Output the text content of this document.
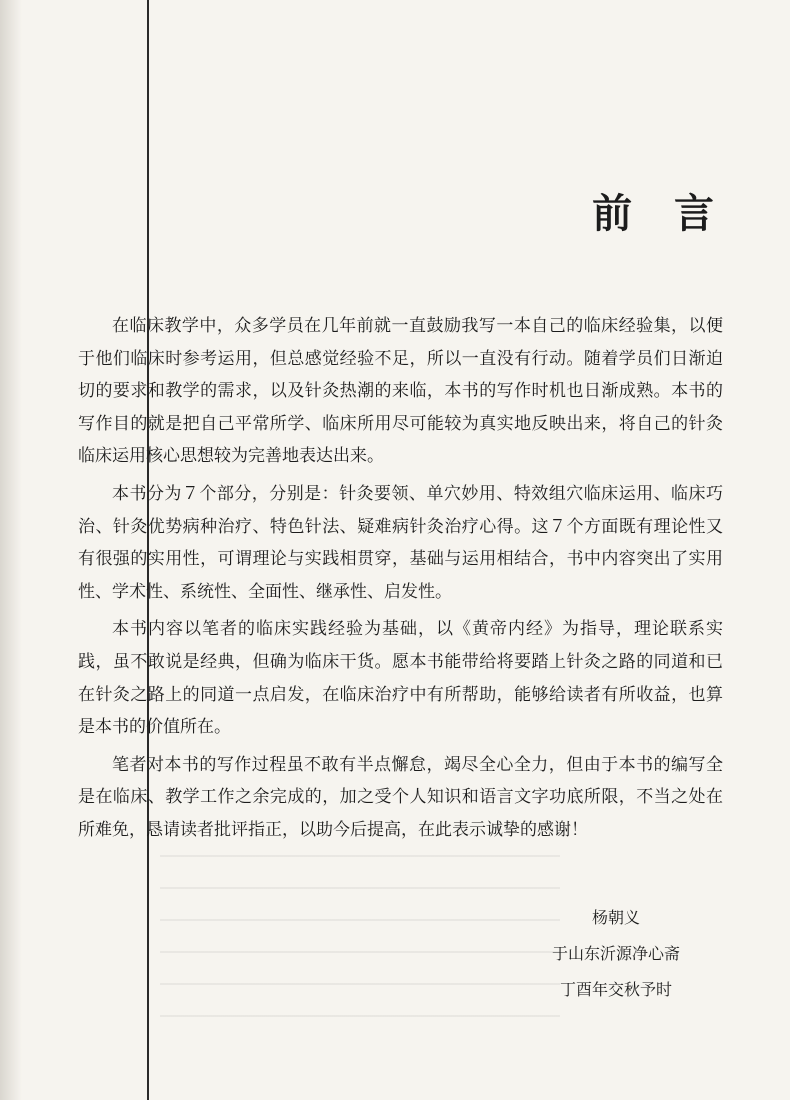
前 言

在临床教学中，众多学员在几年前就一直鼓励我写一本自己的临床经验集，以便于他们临床时参考运用，但总感觉经验不足，所以一直没有行动。随着学员们日渐迫切的要求和教学的需求，以及针灸热潮的来临，本书的写作时机也日渐成熟。本书的写作目的就是把自己平常所学、临床所用尽可能较为真实地反映出来，将自己的针灸临床运用核心思想较为完善地表达出来。

本书分为７个部分，分别是：针灸要领、单穴妙用、特效组穴临床运用、临床巧治、针灸优势病种治疗、特色针法、疑难病针灸治疗心得。这７个方面既有理论性又有很强的实用性，可谓理论与实践相贯穿，基础与运用相结合，书中内容突出了实用性、学术性、系统性、全面性、继承性、启发性。

本书内容以笔者的临床实践经验为基础，以《黄帝内经》为指导，理论联系实践，虽不敢说是经典，但确为临床干货。愿本书能带给将要踏上针灸之路的同道和已在针灸之路上的同道一点启发，在临床治疗中有所帮助，能够给读者有所收益，也算是本书的价值所在。

笔者对本书的写作过程虽不敢有半点懈怠，竭尽全心全力，但由于本书的编写全是在临床、教学工作之余完成的，加之受个人知识和语言文字功底所限，不当之处在所难免，恳请读者批评指正，以助今后提高，在此表示诚挚的感谢！

杨朝义
于山东沂源净心斋
丁酉年交秋予时
